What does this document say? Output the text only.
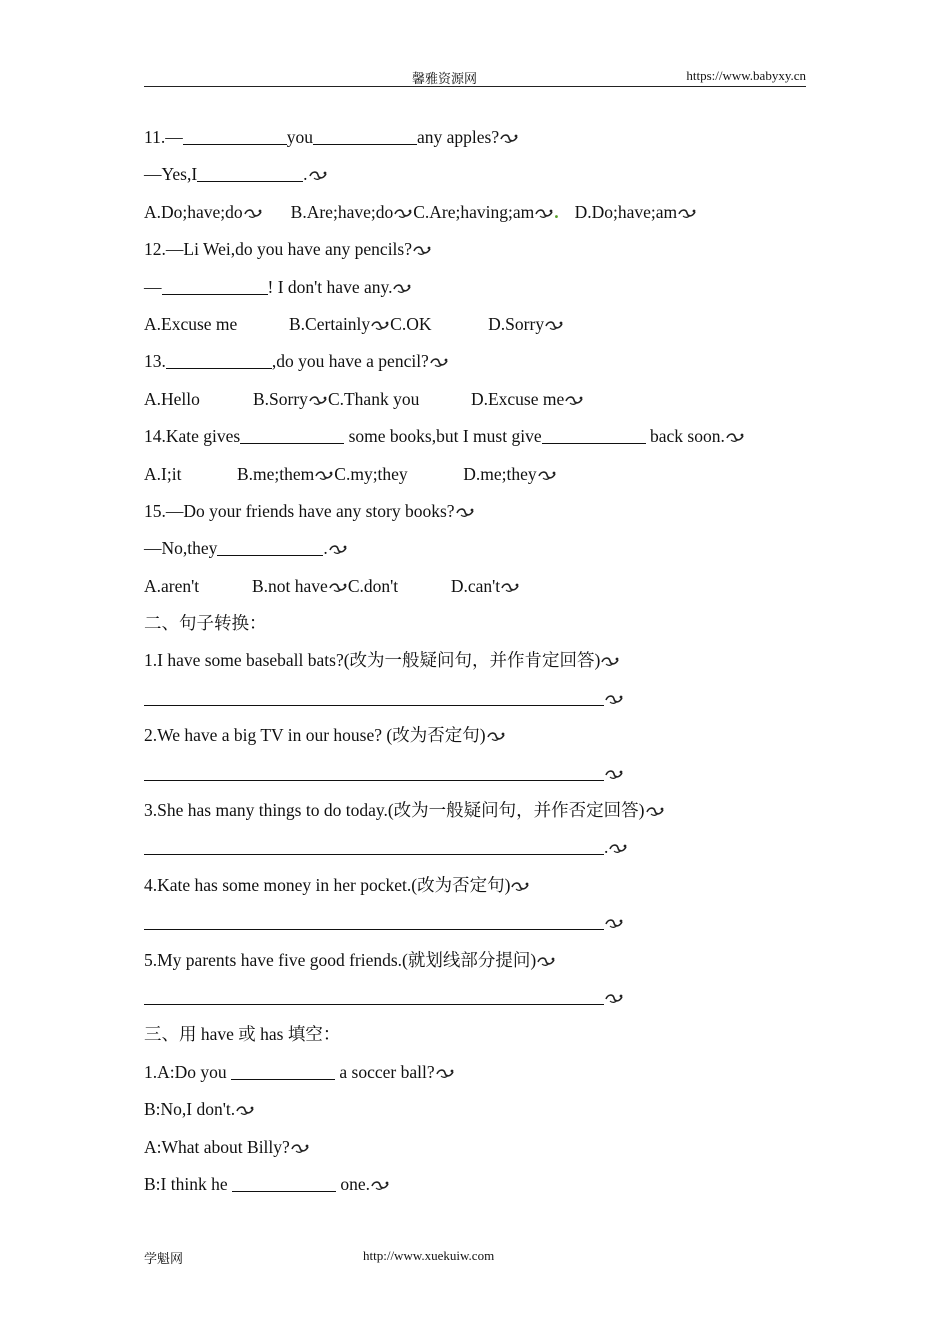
馨雅资源网	https://www.babyxy.cn
11.—	you	any apples?
—Yes,I	.
A.Do;have;do	B.Are;have;do C.Are;having;am . D.Do;have;am
12.—Li Wei,do you have any pencils?
—	! I don't have any.
A.Excuse me	B.Certainly C.OK	D.Sorry
13.	,do you have a pencil?
A.Hello	B.Sorry C.Thank you	D.Excuse me
14.Kate gives	some books,but I must give	back soon.
A.I;it	B.me;them C.my;they	D.me;they
15.—Do your friends have any story books?
—No,they	.
A.aren't	B.not have C.don't	D.can't
二、句子转换：
1.I have some baseball bats?(改为一般疑问句，并作肯定回答)
2.We have a big TV in our house? (改为否定句)
3.She has many things to do today.(改为一般疑问句，并作否定回答)
.
4.Kate has some money in her pocket.(改为否定句)
5.My parents have five good friends.(就划线部分提问)
三、用 have 或 has 填空：
1.A:Do you	a soccer ball?
B:No,I don't.
A:What about Billy?
B:I think he	one.
学魁网	http://www.xuekuiw.com
